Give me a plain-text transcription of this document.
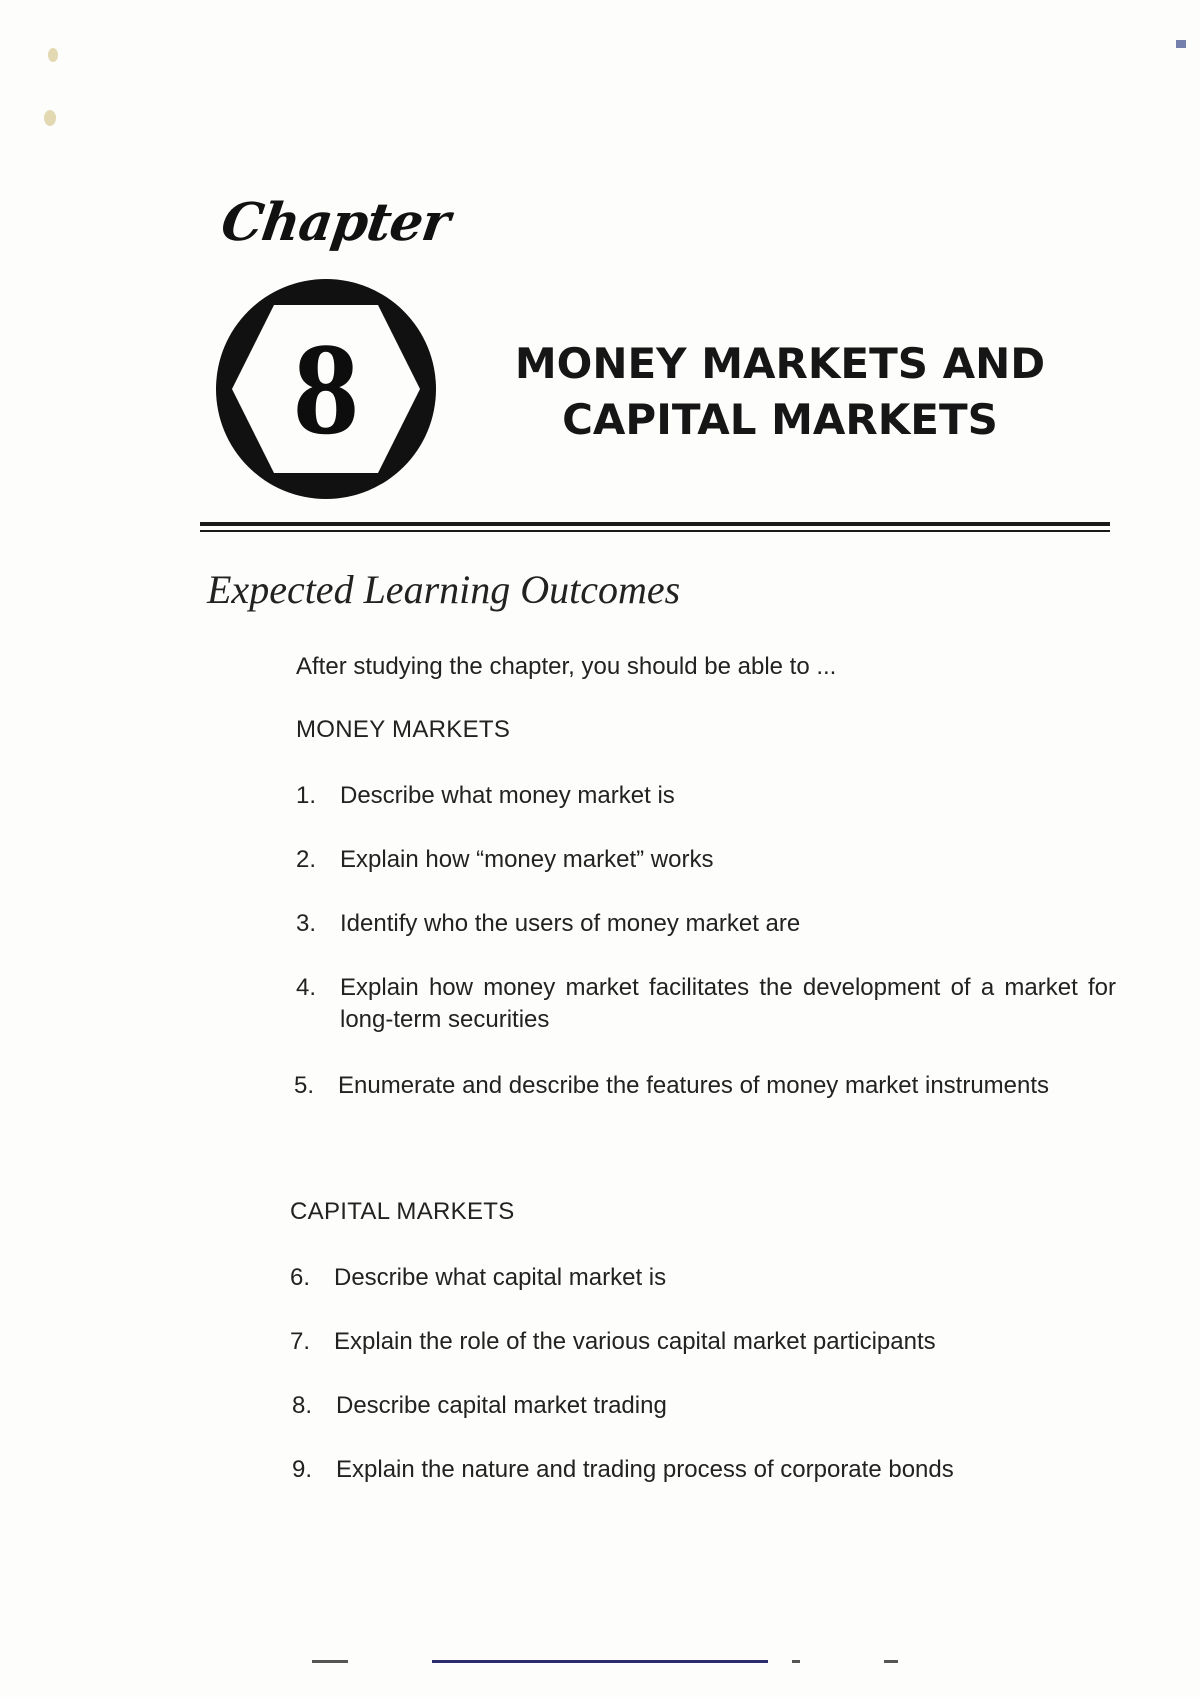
Chapter
8	MONEY MARKETS AND
CAPITAL MARKETS
Expected Learning Outcomes
After studying the chapter, you should be able to ...
MONEY MARKETS
1. Describe what money market is
2. Explain how “money market” works
3. Identify who the users of money market are
4. Explain how money market facilitates the development of a market for long-term securities
5. Enumerate and describe the features of money market instruments
CAPITAL MARKETS
6. Describe what capital market is
7. Explain the role of the various capital market participants
8. Describe capital market trading
9. Explain the nature and trading process of corporate bonds
